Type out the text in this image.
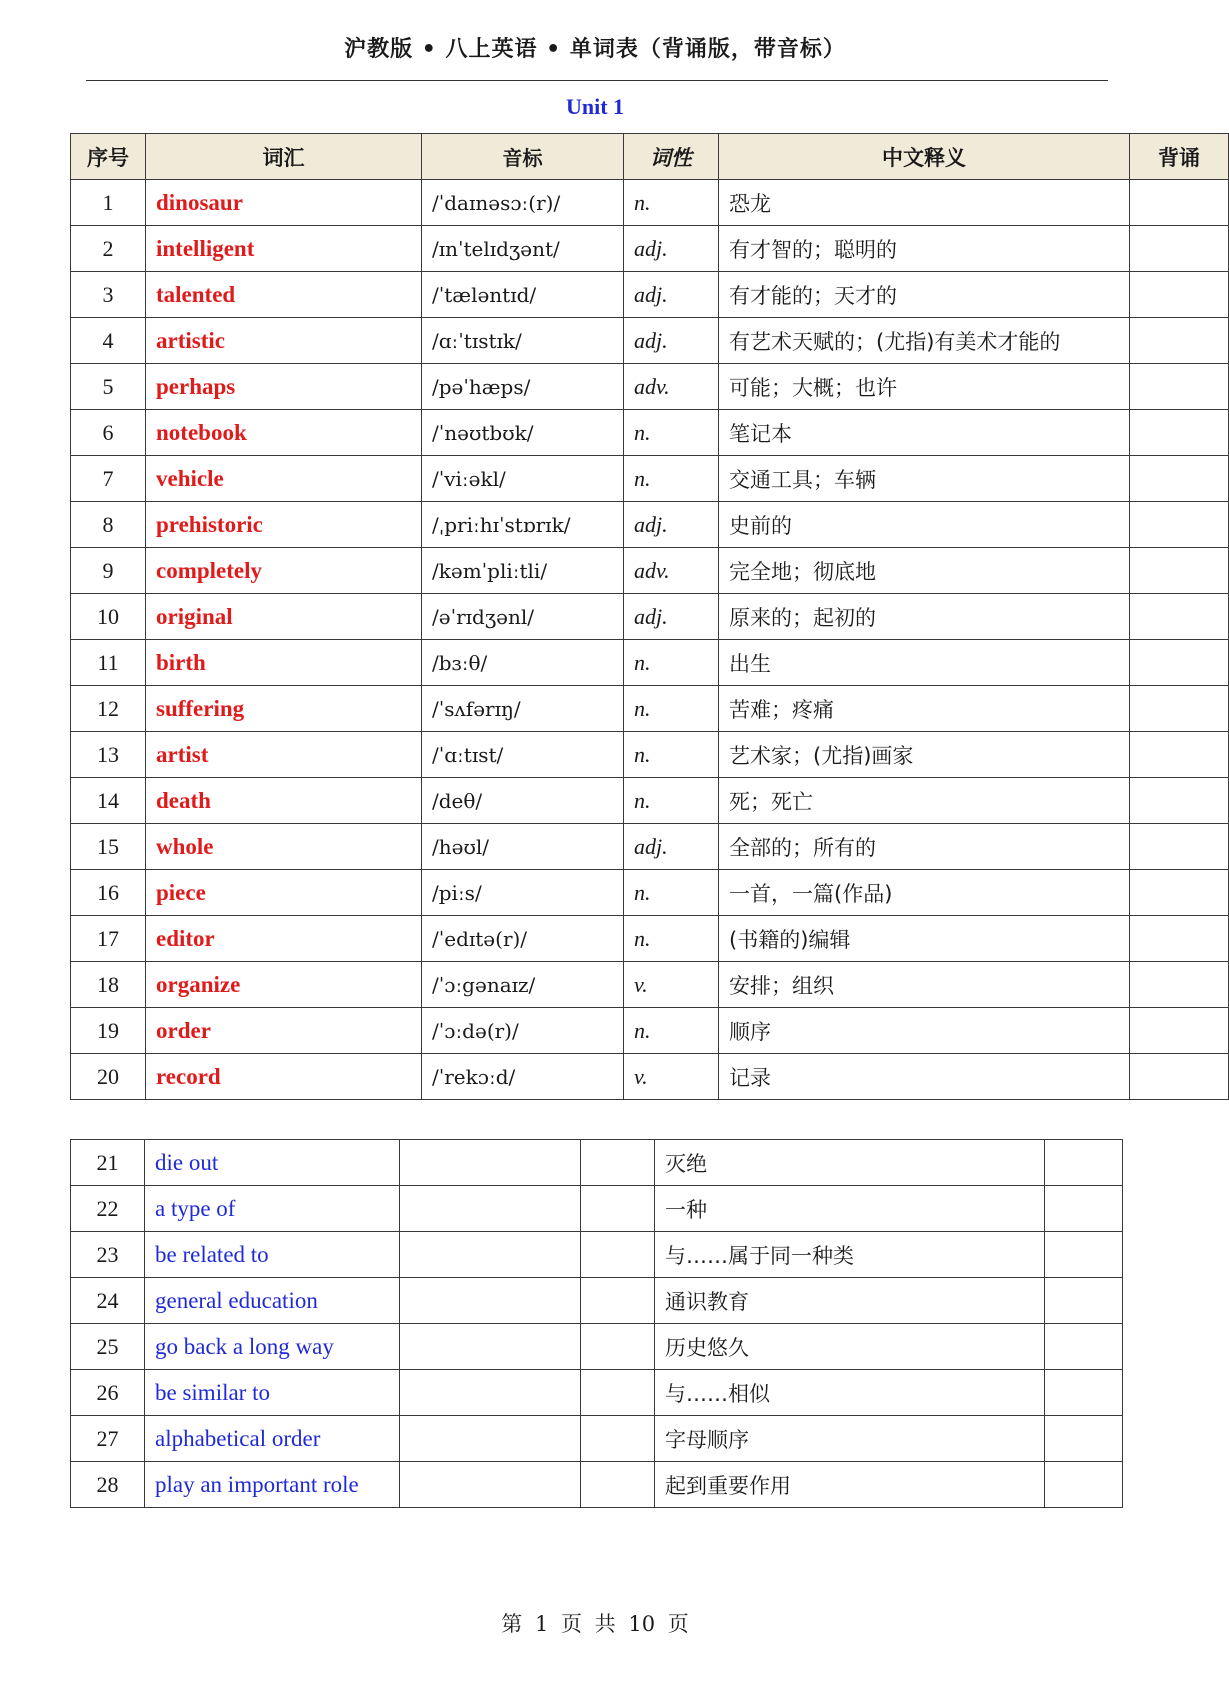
沪教版 • 八上英语 • 单词表（背诵版，带音标）
Unit 1
序号	词汇	音标	词性	中文释义	背诵
1	dinosaur	/ˈdaɪnəsɔː(r)/	n.	恐龙	
2	intelligent	/ɪnˈtelɪdʒənt/	adj.	有才智的；聪明的	
3	talented	/ˈtæləntɪd/	adj.	有才能的；天才的	
4	artistic	/ɑːˈtɪstɪk/	adj.	有艺术天赋的；(尤指)有美术才能的	
5	perhaps	/pəˈhæps/	adv.	可能；大概；也许	
6	notebook	/ˈnəʊtbʊk/	n.	笔记本	
7	vehicle	/ˈviːəkl/	n.	交通工具；车辆	
8	prehistoric	/ˌpriːhɪˈstɒrɪk/	adj.	史前的	
9	completely	/kəmˈpliːtli/	adv.	完全地；彻底地	
10	original	/əˈrɪdʒənl/	adj.	原来的；起初的	
11	birth	/bɜːθ/	n.	出生	
12	suffering	/ˈsʌfərɪŋ/	n.	苦难；疼痛	
13	artist	/ˈɑːtɪst/	n.	艺术家；(尤指)画家	
14	death	/deθ/	n.	死；死亡	
15	whole	/həʊl/	adj.	全部的；所有的	
16	piece	/piːs/	n.	一首，一篇(作品)	
17	editor	/ˈedɪtə(r)/	n.	(书籍的)编辑	
18	organize	/ˈɔːgənaɪz/	v.	安排；组织	
19	order	/ˈɔːdə(r)/	n.	顺序	
20	record	/ˈrekɔːd/	v.	记录	
21	die out			灭绝	
22	a type of			一种	
23	be related to			与……属于同一种类	
24	general education			通识教育	
25	go back a long way			历史悠久	
26	be similar to			与……相似	
27	alphabetical order			字母顺序	
28	play an important role			起到重要作用	
第 1 页 共 10 页
